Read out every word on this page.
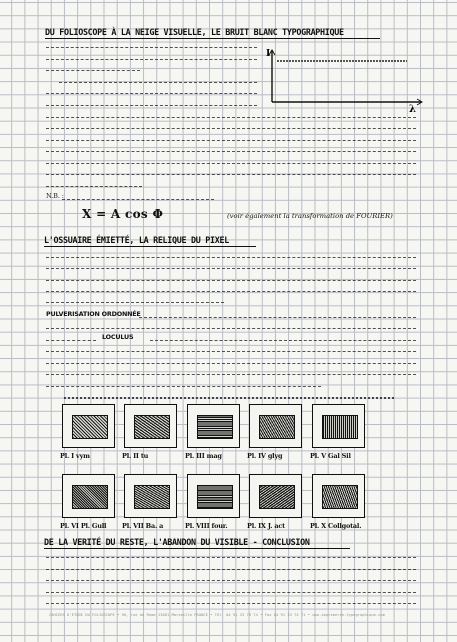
DU FOLIOSCOPE À LA NEIGE VISUELLE, LE BRUIT BLANC TYPOGRAPHIQUE
I
λ
N.B. :
X = A cos Φ	(voir également la transformation de FOURIER)
L'OSSUAIRE ÉMIETTÉ, LA RELIQUE DU PIXEL
PULVERISATION ORDONNÉE
LOCULUS
Pl. I vym	Pl. II tu	Pl. III mag	Pl. IV glyg	Pl. V Gal Sil
Pl. VI Pl. Gull Pl. VII Ba. a	Pl. VIII four.	Pl. IX J. act	Pl. X Collgotal.
DE LA VERITÉ DU RESTE, L'ABANDON DU VISIBLE - CONCLUSION
CAHIERS D'ÉTUDE DU FOLIOSCOPE • 96, rue de Rome 13001 Marseille FRANCE • Tél. 04 91 33 78 74 • Fax 04 91 33 74 71 • www.imprimerie-typographique.com
